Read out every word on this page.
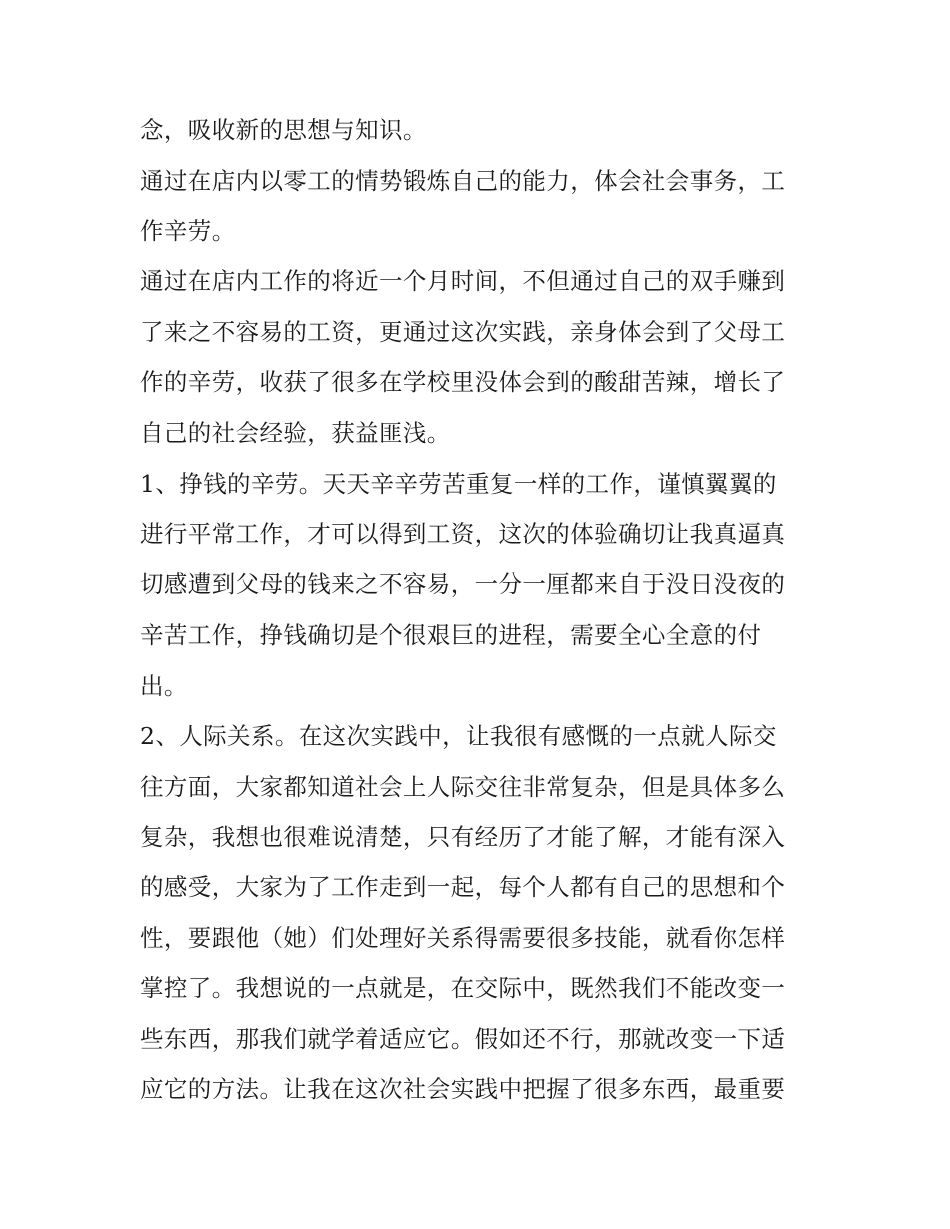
念，吸收新的思想与知识。
通过在店内以零工的情势锻炼自己的能力，体会社会事务，工
作辛劳。
通过在店内工作的将近一个月时间，不但通过自己的双手赚到
了来之不容易的工资，更通过这次实践，亲身体会到了父母工
作的辛劳，收获了很多在学校里没体会到的酸甜苦辣，增长了
自己的社会经验，获益匪浅。
1、挣钱的辛劳。天天辛辛劳苦重复一样的工作，谨慎翼翼的
进行平常工作，才可以得到工资，这次的体验确切让我真逼真
切感遭到父母的钱来之不容易，一分一厘都来自于没日没夜的
辛苦工作，挣钱确切是个很艰巨的进程，需要全心全意的付
出。
2、人际关系。在这次实践中，让我很有感慨的一点就人际交
往方面，大家都知道社会上人际交往非常复杂，但是具体多么
复杂，我想也很难说清楚，只有经历了才能了解，才能有深入
的感受，大家为了工作走到一起，每个人都有自己的思想和个
性，要跟他（她）们处理好关系得需要很多技能，就看你怎样
掌控了。我想说的一点就是，在交际中，既然我们不能改变一
些东西，那我们就学着适应它。假如还不行，那就改变一下适
应它的方法。让我在这次社会实践中把握了很多东西，最重要
